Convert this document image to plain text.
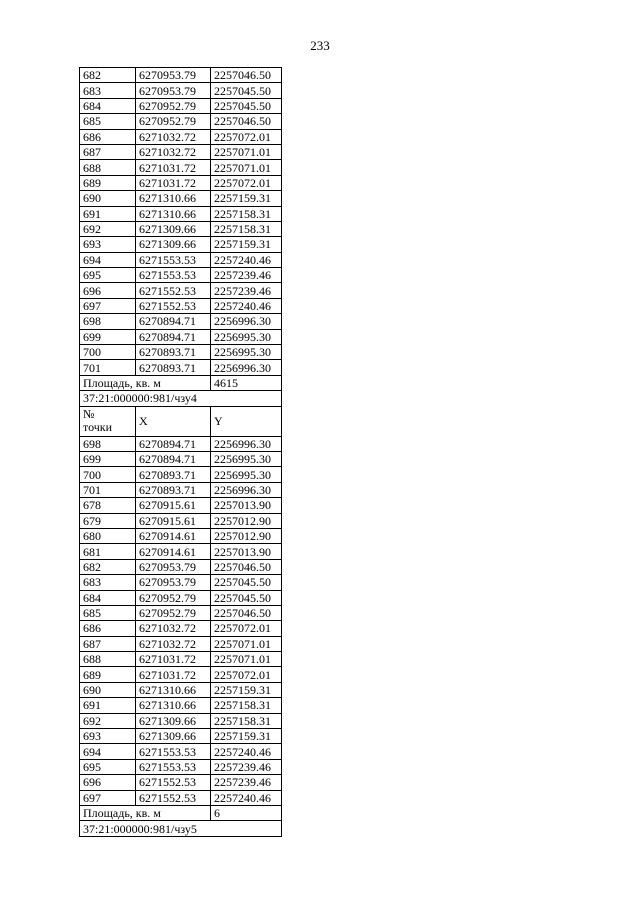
233
682	6270953.79	2257046.50
683	6270953.79	2257045.50
684	6270952.79	2257045.50
685	6270952.79	2257046.50
686	6271032.72	2257072.01
687	6271032.72	2257071.01
688	6271031.72	2257071.01
689	6271031.72	2257072.01
690	6271310.66	2257159.31
691	6271310.66	2257158.31
692	6271309.66	2257158.31
693	6271309.66	2257159.31
694	6271553.53	2257240.46
695	6271553.53	2257239.46
696	6271552.53	2257239.46
697	6271552.53	2257240.46
698	6270894.71	2256996.30
699	6270894.71	2256995.30
700	6270893.71	2256995.30
701	6270893.71	2256996.30
Площадь, кв. м		4615
37:21:000000:981/чзу4		
№
точки	X	Y
698	6270894.71	2256996.30
699	6270894.71	2256995.30
700	6270893.71	2256995.30
701	6270893.71	2256996.30
678	6270915.61	2257013.90
679	6270915.61	2257012.90
680	6270914.61	2257012.90
681	6270914.61	2257013.90
682	6270953.79	2257046.50
683	6270953.79	2257045.50
684	6270952.79	2257045.50
685	6270952.79	2257046.50
686	6271032.72	2257072.01
687	6271032.72	2257071.01
688	6271031.72	2257071.01
689	6271031.72	2257072.01
690	6271310.66	2257159.31
691	6271310.66	2257158.31
692	6271309.66	2257158.31
693	6271309.66	2257159.31
694	6271553.53	2257240.46
695	6271553.53	2257239.46
696	6271552.53	2257239.46
697	6271552.53	2257240.46
Площадь, кв. м		6
37:21:000000:981/чзу5		
